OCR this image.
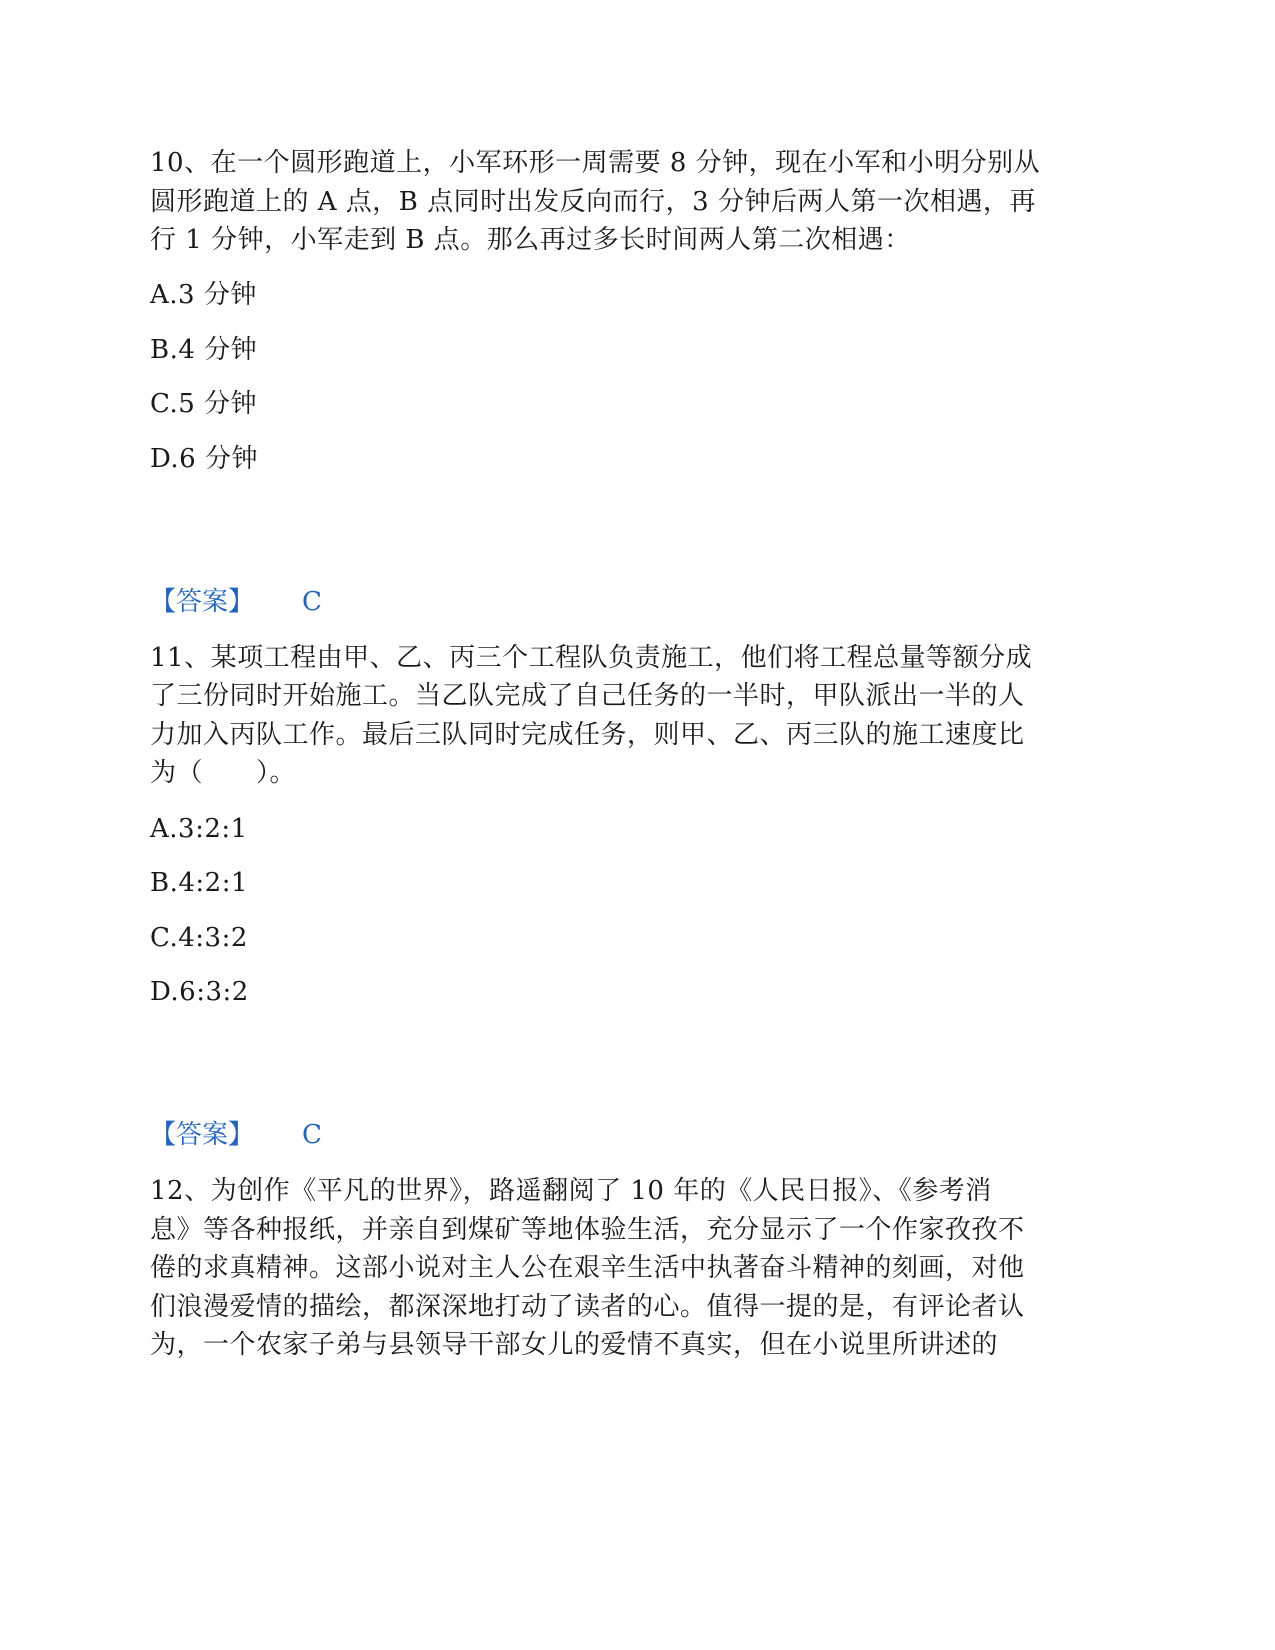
10、在一个圆形跑道上，小军环形一周需要 8 分钟，现在小军和小明分别从
圆形跑道上的 A 点，B 点同时出发反向而行，3 分钟后两人第一次相遇，再
行 1 分钟，小军走到 B 点。那么再过多长时间两人第二次相遇：
A.3 分钟
B.4 分钟
C.5 分钟
D.6 分钟
【答案】 C
11、某项工程由甲、乙、丙三个工程队负责施工，他们将工程总量等额分成
了三份同时开始施工。当乙队完成了自己任务的一半时，甲队派出一半的人
力加入丙队工作。最后三队同时完成任务，则甲、乙、丙三队的施工速度比
为（　　）。
A.3:2:1
B.4:2:1
C.4:3:2
D.6:3:2
【答案】 C
12、为创作《平凡的世界》，路遥翻阅了 10 年的《人民日报》、《参考消
息》等各种报纸，并亲自到煤矿等地体验生活，充分显示了一个作家孜孜不
倦的求真精神。这部小说对主人公在艰辛生活中执著奋斗精神的刻画，对他
们浪漫爱情的描绘，都深深地打动了读者的心。值得一提的是，有评论者认
为，一个农家子弟与县领导干部女儿的爱情不真实，但在小说里所讲述的
